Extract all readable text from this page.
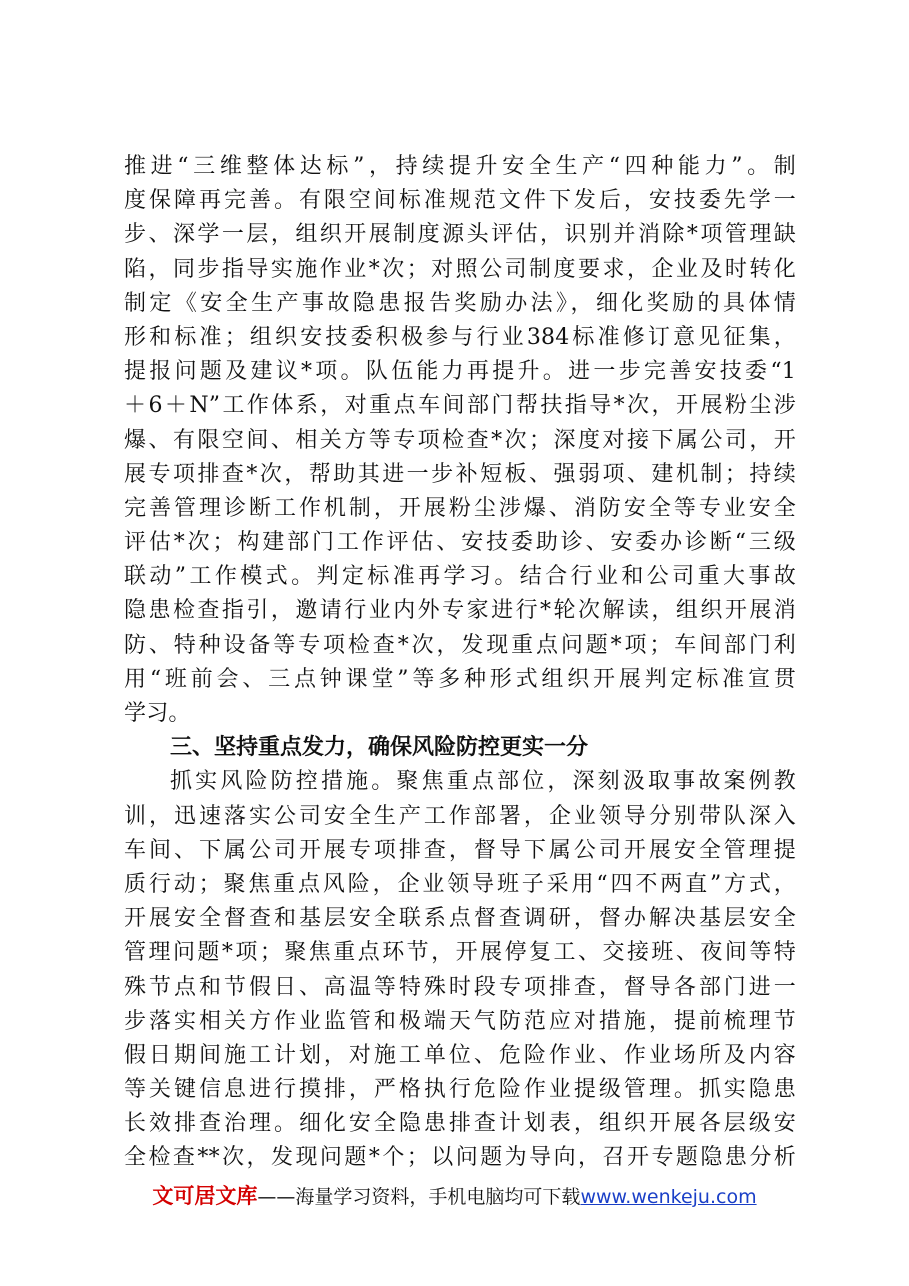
推进“三维整体达标”，持续提升安全生产“四种能力”。制
度保障再完善。有限空间标准规范文件下发后，安技委先学一
步、深学一层，组织开展制度源头评估，识别并消除*项管理缺
陷，同步指导实施作业*次；对照公司制度要求，企业及时转化
制定《安全生产事故隐患报告奖励办法》，细化奖励的具体情
形和标准；组织安技委积极参与行业384标准修订意见征集，
提报问题及建议*项。队伍能力再提升。进一步完善安技委“1
＋6＋N”工作体系，对重点车间部门帮扶指导*次，开展粉尘涉
爆、有限空间、相关方等专项检查*次；深度对接下属公司，开
展专项排查*次，帮助其进一步补短板、强弱项、建机制；持续
完善管理诊断工作机制，开展粉尘涉爆、消防安全等专业安全
评估*次；构建部门工作评估、安技委助诊、安委办诊断“三级
联动”工作模式。判定标准再学习。结合行业和公司重大事故
隐患检查指引，邀请行业内外专家进行*轮次解读，组织开展消
防、特种设备等专项检查*次，发现重点问题*项；车间部门利
用“班前会、三点钟课堂”等多种形式组织开展判定标准宣贯
学习。
三、坚持重点发力，确保风险防控更实一分
抓实风险防控措施。聚焦重点部位，深刻汲取事故案例教
训，迅速落实公司安全生产工作部署，企业领导分别带队深入
车间、下属公司开展专项排查，督导下属公司开展安全管理提
质行动；聚焦重点风险，企业领导班子采用“四不两直”方式，
开展安全督查和基层安全联系点督查调研，督办解决基层安全
管理问题*项；聚焦重点环节，开展停复工、交接班、夜间等特
殊节点和节假日、高温等特殊时段专项排查，督导各部门进一
步落实相关方作业监管和极端天气防范应对措施，提前梳理节
假日期间施工计划，对施工单位、危险作业、作业场所及内容
等关键信息进行摸排，严格执行危险作业提级管理。抓实隐患
长效排查治理。细化安全隐患排查计划表，组织开展各层级安
全检查**次，发现问题*个；以问题为导向，召开专题隐患分析
文可居文库——海量学习资料，手机电脑均可下载www.wenkeju.com
